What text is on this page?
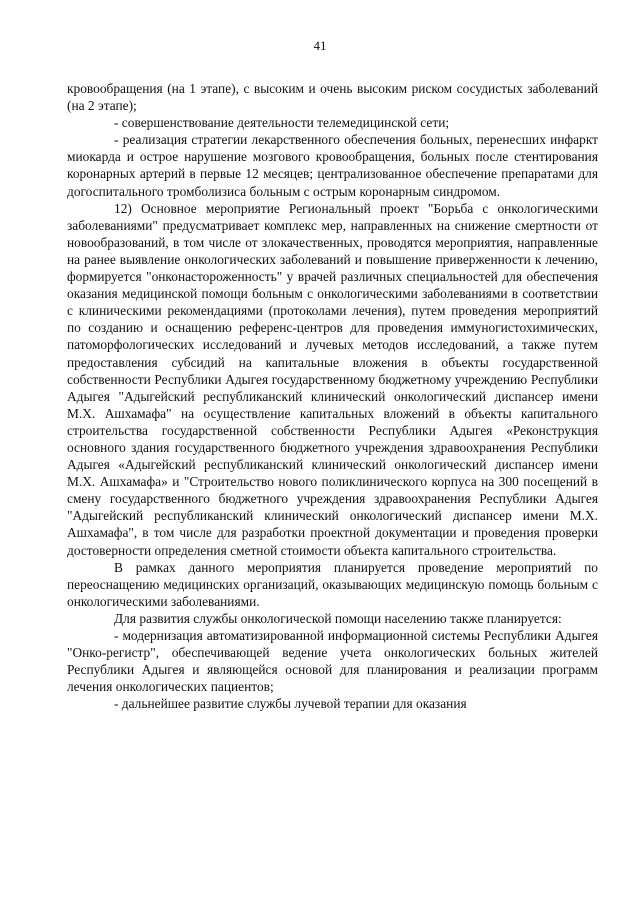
41

кровообращения (на 1 этапе), с высоким и очень высоким риском сосудистых заболеваний (на 2 этапе);

- совершенствование деятельности телемедицинской сети;

- реализация стратегии лекарственного обеспечения больных, перенесших инфаркт миокарда и острое нарушение мозгового кровообращения, больных после стентирования коронарных артерий в первые 12 месяцев; централизованное обеспечение препаратами для догоспитального тромболизиса больным с острым коронарным синдромом.

12) Основное мероприятие Региональный проект "Борьба с онкологическими заболеваниями" предусматривает комплекс мер, направленных на снижение смертности от новообразований, в том числе от злокачественных, проводятся мероприятия, направленные на ранее выявление онкологических заболеваний и повышение приверженности к лечению, формируется "онконастороженность" у врачей различных специальностей для обеспечения оказания медицинской помощи больным с онкологическими заболеваниями в соответствии с клиническими рекомендациями (протоколами лечения), путем проведения мероприятий по созданию и оснащению референс-центров для проведения иммуногистохимических, патоморфологических исследований и лучевых методов исследований, а также путем предоставления субсидий на капитальные вложения в объекты государственной собственности Республики Адыгея государственному бюджетному учреждению Республики Адыгея "Адыгейский республиканский клинический онкологический диспансер имени М.Х. Ашхамафа" на осуществление капитальных вложений в объекты капитального строительства государственной собственности Республики Адыгея «Реконструкция основного здания государственного бюджетного учреждения здравоохранения Республики Адыгея «Адыгейский республиканский клинический онкологический диспансер имени М.Х. Ашхамафа» и "Строительство нового поликлинического корпуса на 300 посещений в смену государственного бюджетного учреждения здравоохранения Республики Адыгея "Адыгейский республиканский клинический онкологический диспансер имени М.Х. Ашхамафа", в том числе для разработки проектной документации и проведения проверки достоверности определения сметной стоимости объекта капитального строительства.

В рамках данного мероприятия планируется проведение мероприятий по переоснащению медицинских организаций, оказывающих медицинскую помощь больным с онкологическими заболеваниями.

Для развития службы онкологической помощи населению также планируется:

- модернизация автоматизированной информационной системы Республики Адыгея "Онко-регистр", обеспечивающей ведение учета онкологических больных жителей Республики Адыгея и являющейся основой для планирования и реализации программ лечения онкологических пациентов;

- дальнейшее развитие службы лучевой терапии для оказания
